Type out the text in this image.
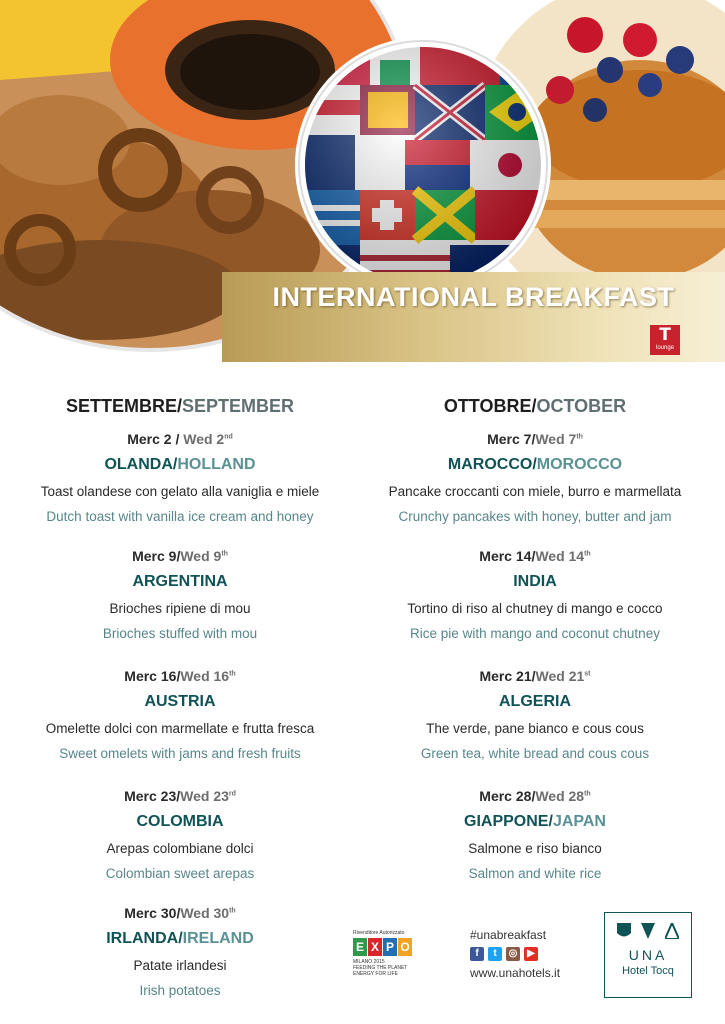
INTERNATIONAL BREAKFAST
T
lounge
SETTEMBRE/SEPTEMBER
Merc 2 / Wed 2nd
OLANDA/HOLLAND
Toast olandese con gelato alla vaniglia e miele
Dutch toast with vanilla ice cream and honey
Merc 9/Wed 9th
ARGENTINA
Brioches ripiene di mou
Brioches stuffed with mou
Merc 16/Wed 16th
AUSTRIA
Omelette dolci con marmellate e frutta fresca
Sweet omelets with jams and fresh fruits
Merc 23/Wed 23rd
COLOMBIA
Arepas colombiane dolci
Colombian sweet arepas
Merc 30/Wed 30th
IRLANDA/IRELAND
Patate irlandesi
Irish potatoes
OTTOBRE/OCTOBER
Merc 7/Wed 7th
MAROCCO/MOROCCO
Pancake croccanti con miele, burro e marmellata
Crunchy pancakes with honey, butter and jam
Merc 14/Wed 14th
INDIA
Tortino di riso al chutney di mango e cocco
Rice pie with mango and coconut chutney
Merc 21/Wed 21st
ALGERIA
The verde, pane bianco e cous cous
Green tea, white bread and cous cous
Merc 28/Wed 28th
GIAPPONE/JAPAN
Salmone e riso bianco
Salmon and white rice
Rivenditore Autorizzato
E X P O
MILANO 2015
FEEDING THE PLANET ENERGY FOR LIFE
#unabreakfast
f	t	◎ ▶
www.unahotels.it
UNA
Hotel Tocq
